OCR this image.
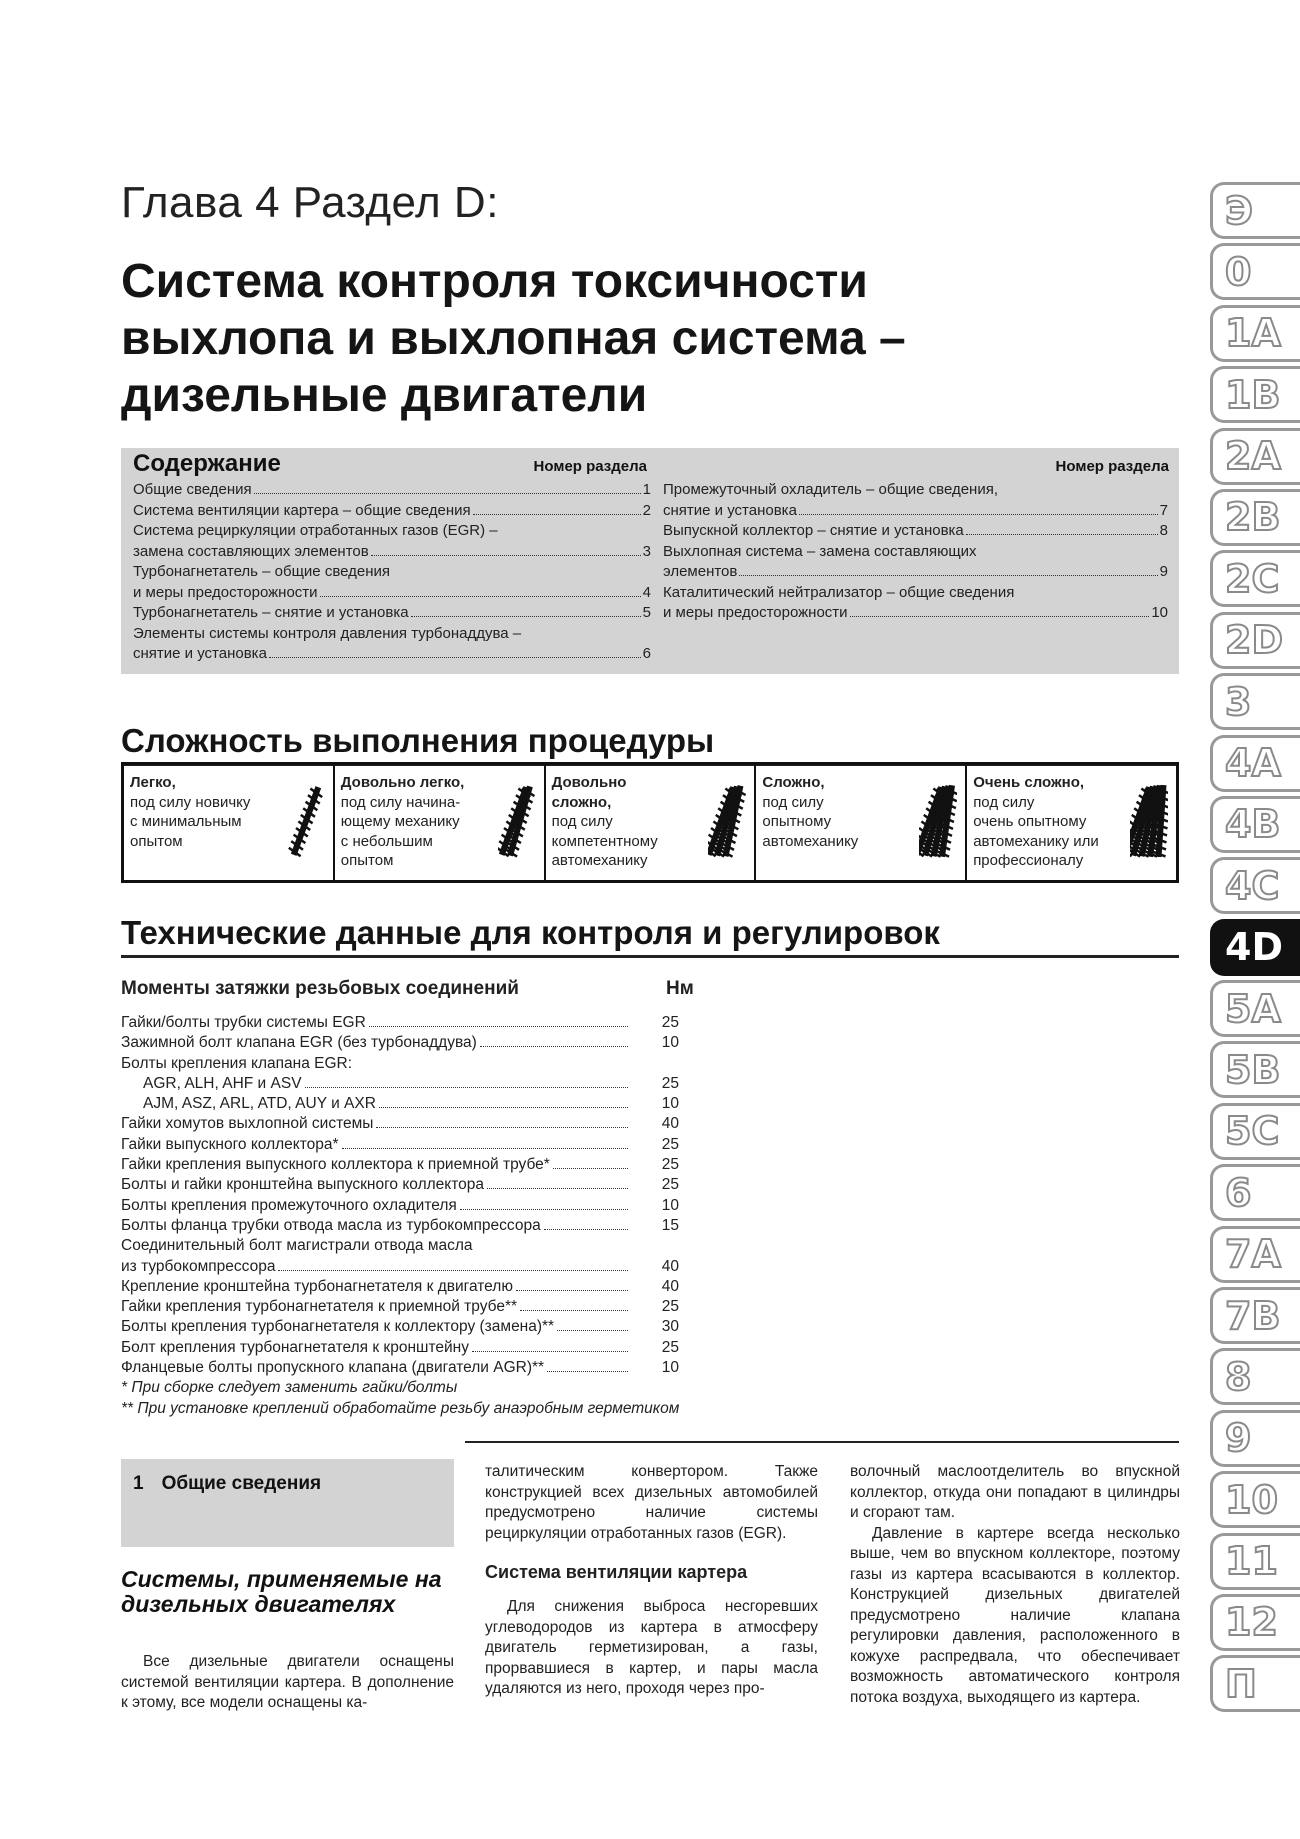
Глава 4 Раздел D:
Система контроля токсичности
выхлопа и выхлопная система –
дизельные двигатели
Содержание	Номер раздела	Номер раздела
Общие сведения	1
Система вентиляции картера – общие сведения	2
Система рециркуляции отработанных газов (EGR) –
замена составляющих элементов	3
Турбонагнетатель – общие сведения
и меры предосторожности	4
Турбонагнетатель – снятие и установка	5
Элементы системы контроля давления турбонаддува –
снятие и установка	6
Промежуточный охладитель – общие сведения,
снятие и установка	7
Выпускной коллектор – снятие и установка	8
Выхлопная система – замена составляющих
элементов	9
Каталитический нейтрализатор – общие сведения
и меры предосторожности	10
Сложность выполнения процедуры
Легко,
под силу новичку
с минимальным
опытом
Довольно легко,
под силу начина-
ющему механику
с небольшим
опытом
Довольно
сложно,
под силу
компетентному
автомеханику
Сложно,
под силу
опытному
автомеханику
Очень сложно,
под силу
очень опытному
автомеханику или
профессионалу
Технические данные для контроля и регулировок
Моменты затяжки резьбовых соединений	Нм
Гайки/болты трубки системы EGR	25
Зажимной болт клапана EGR (без турбонаддува)	10
Болты крепления клапана EGR:
AGR, ALH, AHF и ASV	25
AJM, ASZ, ARL, ATD, AUY и AXR	10
Гайки хомутов выхлопной системы	40
Гайки выпускного коллектора*	25
Гайки крепления выпускного коллектора к приемной трубе*	25
Болты и гайки кронштейна выпускного коллектора	25
Болты крепления промежуточного охладителя	10
Болты фланца трубки отвода масла из турбокомпрессора	15
Соединительный болт магистрали отвода масла
из турбокомпрессора	40
Крепление кронштейна турбонагнетателя к двигателю	40
Гайки крепления турбонагнетателя к приемной трубе**	25
Болты крепления турбонагнетателя к коллектору (замена)**	30
Болт крепления турбонагнетателя к кронштейну	25
Фланцевые болты пропускного клапана (двигатели AGR)**	10
* При сборке следует заменить гайки/болты
** При установке креплений обработайте резьбу анаэробным герметиком
1 Общие сведения
Системы, применяемые на дизельных двигателях

Все дизельные двигатели оснащены системой вентиляции картера. В дополнение к этому, все модели оснащены ка-

талитическим конвертором. Также конструкцией всех дизельных автомобилей предусмотрено наличие системы рециркуляции отработанных газов (EGR).

Система вентиляции картера

Для снижения выброса несгоревших углеводородов из картера в атмосферу двигатель герметизирован, а газы, прорвавшиеся в картер, и пары масла удаляются из него, проходя через про-

волочный маслоотделитель во впускной коллектор, откуда они попадают в цилиндры и сгорают там.

Давление в картере всегда несколько выше, чем во впускном коллекторе, поэтому газы из картера всасываются в коллектор. Конструкцией дизельных двигателей предусмотрено наличие клапана регулировки давления, расположенного в кожухе распредвала, что обеспечивает возможность автоматического контроля потока воздуха, выходящего из картера.

Э
0
1A
1B
2A
2B
2C
2D
3
4A
4B
4C
4D
5A
5B
5C
6
7A
7B
8
9
10
11
12
П
